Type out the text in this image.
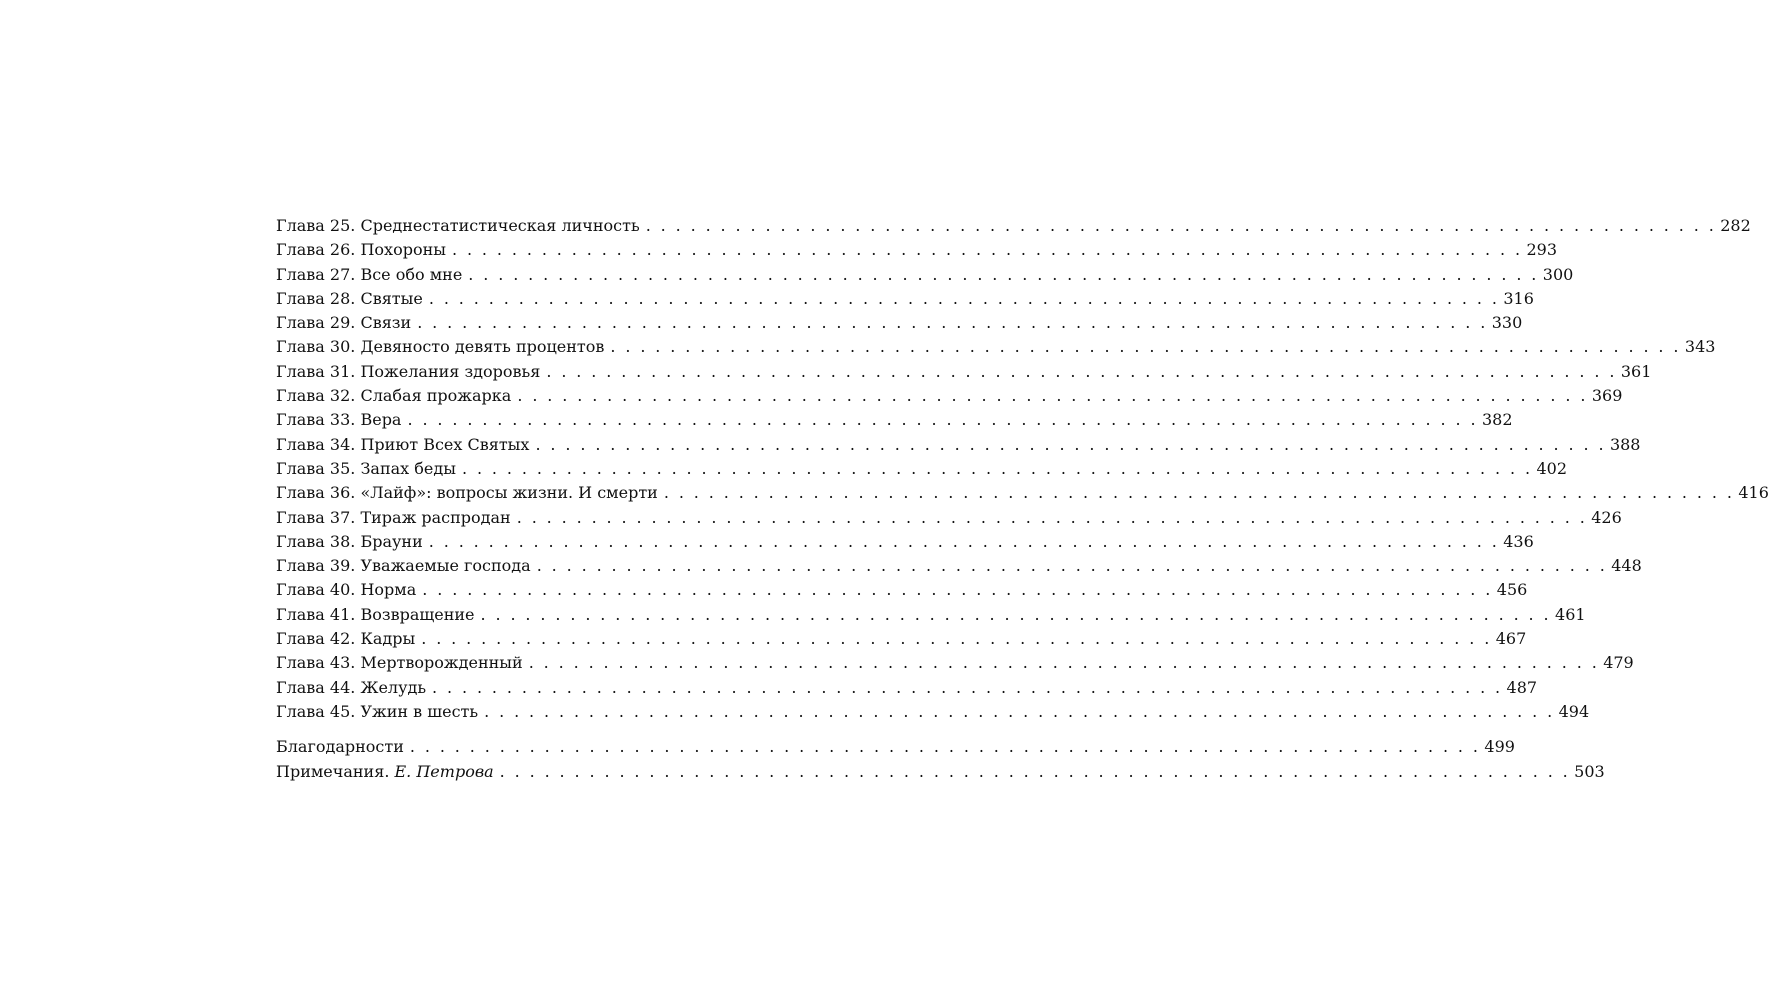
Глава 25. Среднестатистическая личность . . . . . . . . . . . . . . . . . . . . . . . . . . . . . . . . . . . . . . . . . . . . . . . . . . . . . . . . . . . . . . . . . . . . . . . . 282
Глава 26. Похороны . . . . . . . . . . . . . . . . . . . . . . . . . . . . . . . . . . . . . . . . . . . . . . . . . . . . . . . . . . . . . . . . . . . . . . . . 293
Глава 27. Все обо мне . . . . . . . . . . . . . . . . . . . . . . . . . . . . . . . . . . . . . . . . . . . . . . . . . . . . . . . . . . . . . . . . . . . . . . . . 300
Глава 28. Святые . . . . . . . . . . . . . . . . . . . . . . . . . . . . . . . . . . . . . . . . . . . . . . . . . . . . . . . . . . . . . . . . . . . . . . . . 316
Глава 29. Связи . . . . . . . . . . . . . . . . . . . . . . . . . . . . . . . . . . . . . . . . . . . . . . . . . . . . . . . . . . . . . . . . . . . . . . . . 330
Глава 30. Девяносто девять процентов . . . . . . . . . . . . . . . . . . . . . . . . . . . . . . . . . . . . . . . . . . . . . . . . . . . . . . . . . . . . . . . . . . . . . . . . 343
Глава 31. Пожелания здоровья . . . . . . . . . . . . . . . . . . . . . . . . . . . . . . . . . . . . . . . . . . . . . . . . . . . . . . . . . . . . . . . . . . . . . . . . 361
Глава 32. Слабая прожарка . . . . . . . . . . . . . . . . . . . . . . . . . . . . . . . . . . . . . . . . . . . . . . . . . . . . . . . . . . . . . . . . . . . . . . . . 369
Глава 33. Вера . . . . . . . . . . . . . . . . . . . . . . . . . . . . . . . . . . . . . . . . . . . . . . . . . . . . . . . . . . . . . . . . . . . . . . . . 382
Глава 34. Приют Всех Святых . . . . . . . . . . . . . . . . . . . . . . . . . . . . . . . . . . . . . . . . . . . . . . . . . . . . . . . . . . . . . . . . . . . . . . . . 388
Глава 35. Запах беды . . . . . . . . . . . . . . . . . . . . . . . . . . . . . . . . . . . . . . . . . . . . . . . . . . . . . . . . . . . . . . . . . . . . . . . . 402
Глава 36. «Лайф»: вопросы жизни. И смерти . . . . . . . . . . . . . . . . . . . . . . . . . . . . . . . . . . . . . . . . . . . . . . . . . . . . . . . . . . . . . . . . . . . . . . . . 416
Глава 37. Тираж распродан . . . . . . . . . . . . . . . . . . . . . . . . . . . . . . . . . . . . . . . . . . . . . . . . . . . . . . . . . . . . . . . . . . . . . . . . 426
Глава 38. Брауни . . . . . . . . . . . . . . . . . . . . . . . . . . . . . . . . . . . . . . . . . . . . . . . . . . . . . . . . . . . . . . . . . . . . . . . . 436
Глава 39. Уважаемые господа . . . . . . . . . . . . . . . . . . . . . . . . . . . . . . . . . . . . . . . . . . . . . . . . . . . . . . . . . . . . . . . . . . . . . . . . 448
Глава 40. Норма . . . . . . . . . . . . . . . . . . . . . . . . . . . . . . . . . . . . . . . . . . . . . . . . . . . . . . . . . . . . . . . . . . . . . . . . 456
Глава 41. Возвращение . . . . . . . . . . . . . . . . . . . . . . . . . . . . . . . . . . . . . . . . . . . . . . . . . . . . . . . . . . . . . . . . . . . . . . . . 461
Глава 42. Кадры . . . . . . . . . . . . . . . . . . . . . . . . . . . . . . . . . . . . . . . . . . . . . . . . . . . . . . . . . . . . . . . . . . . . . . . . 467
Глава 43. Мертворожденный . . . . . . . . . . . . . . . . . . . . . . . . . . . . . . . . . . . . . . . . . . . . . . . . . . . . . . . . . . . . . . . . . . . . . . . . 479
Глава 44. Желудь . . . . . . . . . . . . . . . . . . . . . . . . . . . . . . . . . . . . . . . . . . . . . . . . . . . . . . . . . . . . . . . . . . . . . . . . 487
Глава 45. Ужин в шесть . . . . . . . . . . . . . . . . . . . . . . . . . . . . . . . . . . . . . . . . . . . . . . . . . . . . . . . . . . . . . . . . . . . . . . . . 494
Благодарности . . . . . . . . . . . . . . . . . . . . . . . . . . . . . . . . . . . . . . . . . . . . . . . . . . . . . . . . . . . . . . . . . . . . . . . . 499
Примечания. Е. Петрова . . . . . . . . . . . . . . . . . . . . . . . . . . . . . . . . . . . . . . . . . . . . . . . . . . . . . . . . . . . . . . . . . . . . . . . . 503
